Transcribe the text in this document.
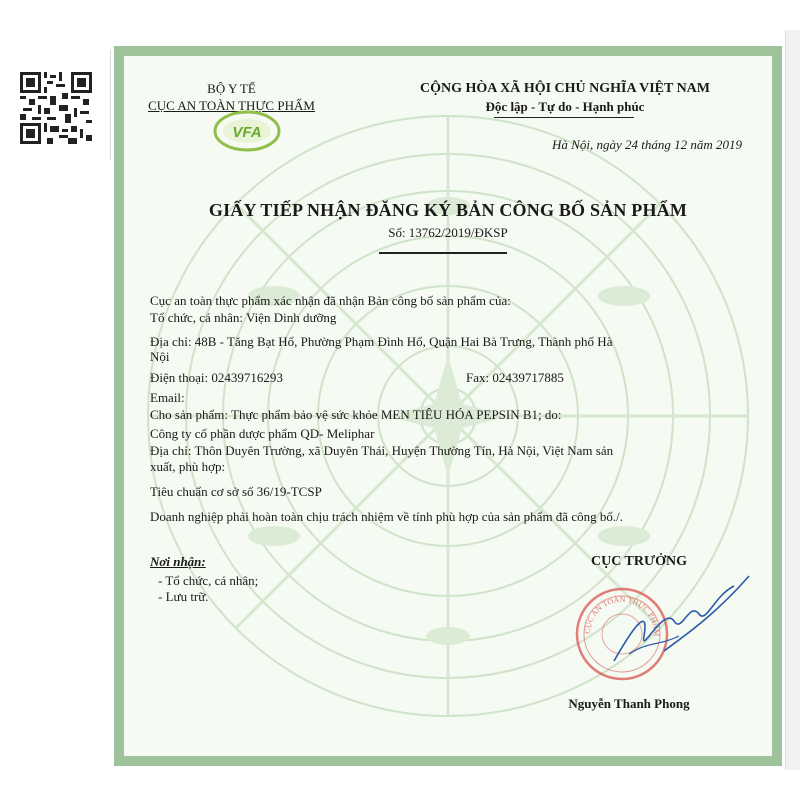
BỘ Y TẾ
CỤC AN TOÀN THỰC PHẨM
VFA
CỘNG HÒA XÃ HỘI CHỦ NGHĨA VIỆT NAM
Độc lập - Tự do - Hạnh phúc
Hà Nội, ngày 24 tháng 12 năm 2019
GIẤY TIẾP NHẬN ĐĂNG KÝ BẢN CÔNG BỐ SẢN PHẨM
Số: 13762/2019/ĐKSP
Cục an toàn thực phẩm xác nhận đã nhận Bản công bố sản phẩm của:
Tổ chức, cá nhân: Viện Dinh dưỡng
Địa chỉ: 48B - Tăng Bạt Hổ, Phường Phạm Đình Hổ, Quận Hai Bà Trưng, Thành phố Hà
Nội
Điện thoại: 02439716293	Fax: 02439717885
Email:
Cho sản phẩm: Thực phẩm bảo vệ sức khỏe MEN TIÊU HÓA PEPSIN B1; do:
Công ty cổ phần dược phẩm QD- Meliphar
Địa chỉ: Thôn Duyên Trường, xã Duyên Thái, Huyện Thường Tín, Hà Nội, Việt Nam sản
xuất, phù hợp:
Tiêu chuẩn cơ sở số 36/19-TCSP
Doanh nghiệp phải hoàn toàn chịu trách nhiệm về tính phù hợp của sản phẩm đã công bố./.
Nơi nhận:
- Tổ chức, cá nhân;
- Lưu trữ.
CỤC TRƯỞNG
CỤC AN TOÀN THỰC PHẨM
Nguyễn Thanh Phong
